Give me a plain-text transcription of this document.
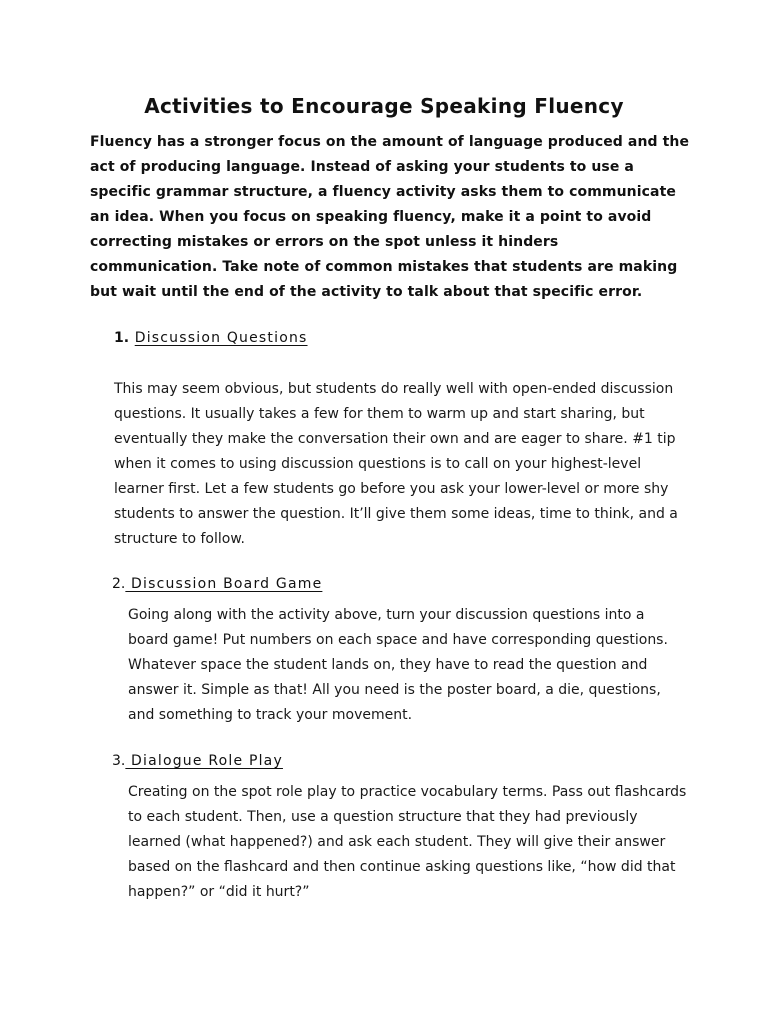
Activities to Encourage Speaking Fluency
Fluency has a stronger focus on the amount of language produced and the act of producing language. Instead of asking your students to use a specific grammar structure, a fluency activity asks them to communicate an idea. When you focus on speaking fluency, make it a point to avoid correcting mistakes or errors on the spot unless it hinders communication. Take note of common mistakes that students are making but wait until the end of the activity to talk about that specific error.
1. Discussion Questions
This may seem obvious, but students do really well with open-ended discussion questions. It usually takes a few for them to warm up and start sharing, but eventually they make the conversation their own and are eager to share. #1 tip when it comes to using discussion questions is to call on your highest-level learner first. Let a few students go before you ask your lower-level or more shy students to answer the question. It’ll give them some ideas, time to think, and a structure to follow.
2. Discussion Board Game
Going along with the activity above, turn your discussion questions into a board game! Put numbers on each space and have corresponding questions. Whatever space the student lands on, they have to read the question and answer it. Simple as that! All you need is the poster board, a die, questions, and something to track your movement.
3. Dialogue Role Play
Creating on the spot role play to practice vocabulary terms. Pass out flashcards to each student. Then, use a question structure that they had previously learned (what happened?) and ask each student. They will give their answer based on the flashcard and then continue asking questions like, “how did that happen?” or “did it hurt?”
